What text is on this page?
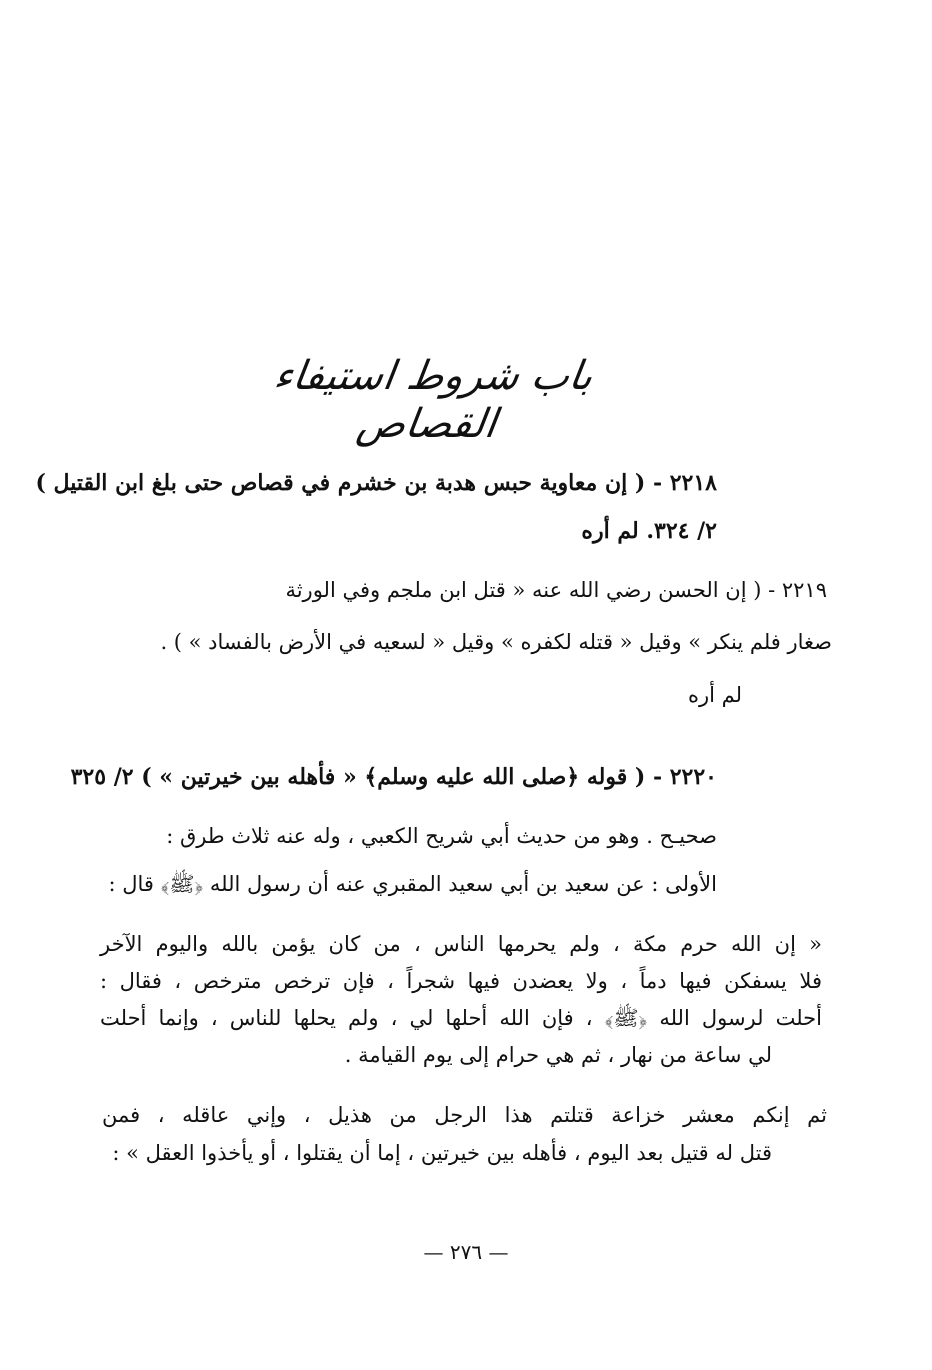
باب شروط استيفاء القصاص
٢٢١٨ - ( إن معاوية حبس هدبة بن خشرم في قصاص حتى بلغ ابن القتيل )
٢/ ٣٢٤. لم أره
٢٢١٩ - ( إن الحسن رضي الله عنه « قتل ابن ملجم وفي الورثة
صغار فلم ينكر » وقيل « قتله لكفره » وقيل « لسعيه في الأرض بالفساد » ) .
لم أره
٢٢٢٠ - ( قوله ﴿صلى الله عليه وسلم﴾ « فأهله بين خيرتين » ) ٢/ ٣٢٥
صحيـح . وهو من حديث أبي شريح الكعبي ، وله عنه ثلاث طرق :
الأولى : عن سعيد بن أبي سعيد المقبري عنه أن رسول الله ﴿ﷺ﴾ قال :
« إن الله حرم مكة ، ولم يحرمها الناس ، من كان يؤمن بالله واليوم الآخر
فلا يسفكن فيها دماً ، ولا يعضدن فيها شجراً ، فإن ترخص مترخص ، فقال :
أحلت لرسول الله ﴿ﷺ﴾ ، فإن الله أحلها لي ، ولم يحلها للناس ، وإنما أحلت
لي ساعة من نهار ، ثم هي حرام إلى يوم القيامة .
ثم إنكم معشر خزاعة قتلتم هذا الرجل من هذيل ، وإني عاقله ، فمن
قتل له قتيل بعد اليوم ، فأهله بين خيرتين ، إما أن يقتلوا ، أو يأخذوا العقل » :
— ٢٧٦ —
